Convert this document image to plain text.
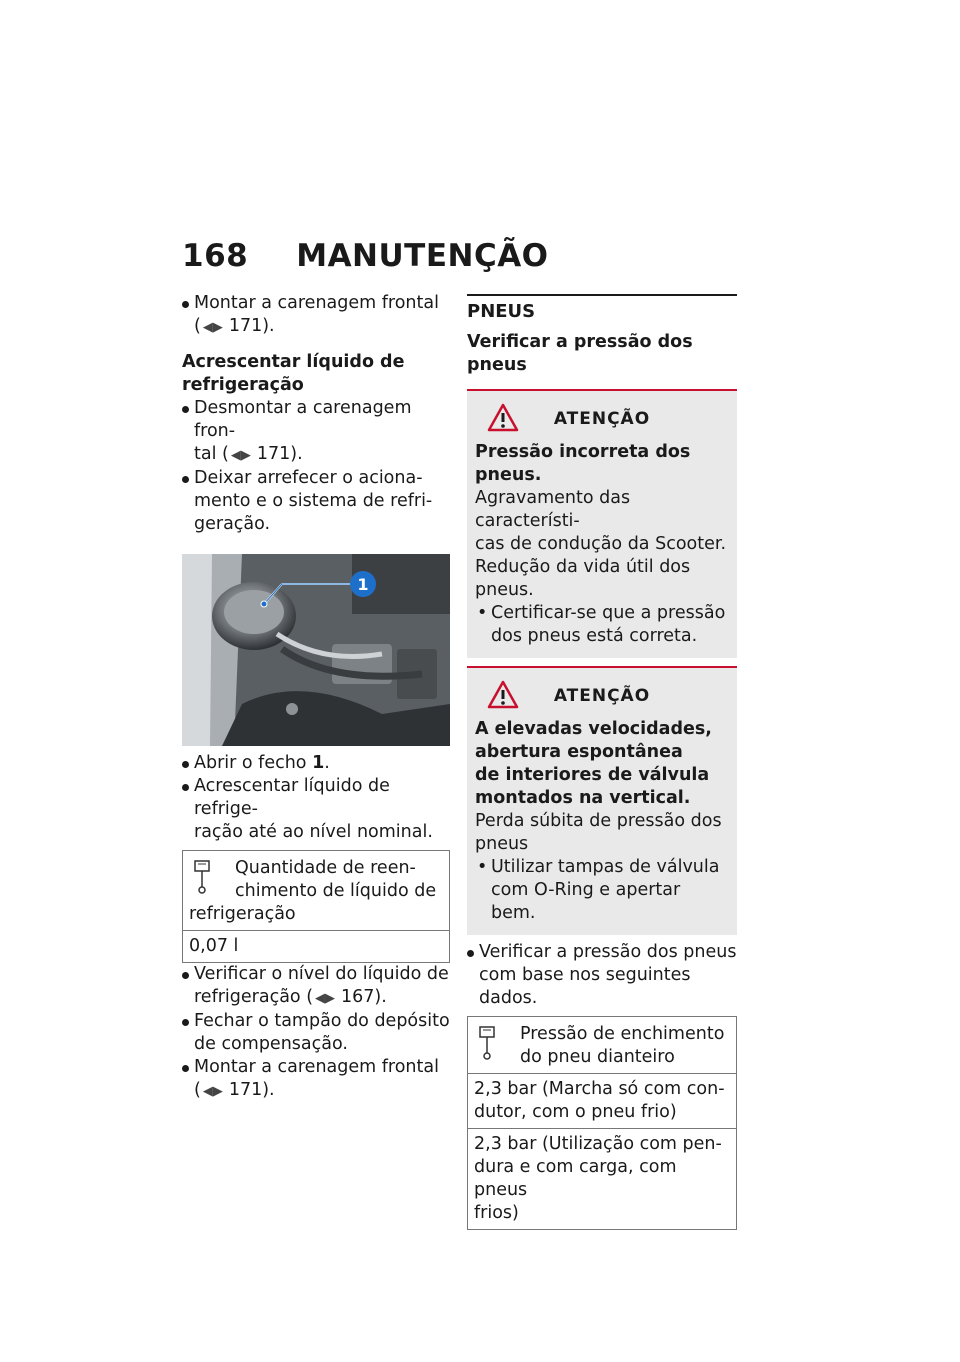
168 MANUTENÇÃO
Montar a carenagem frontal
( ◀▶ 171).
Acrescentar líquido de refrigeração
Desmontar a carenagem fron-
tal ( ◀▶ 171).
Deixar arrefecer o aciona-
mento e o sistema de refri-
geração.
1
Abrir o fecho 1.
Acrescentar líquido de refrige-
ração até ao nível nominal.
Quantidade de reen-
chimento de líquido de
refrigeração
0,07 l
Verificar o nível do líquido de
refrigeração ( ◀▶ 167).
Fechar o tampão do depósito
de compensação.
Montar a carenagem frontal
( ◀▶ 171).
PNEUS
Verificar a pressão dos pneus
ATENÇÃO
Pressão incorreta dos pneus.
Agravamento das característi-
cas de condução da Scooter.
Redução da vida útil dos
pneus.
• Certificar-se que a pressão
dos pneus está correta.
ATENÇÃO
A elevadas velocidades,
abertura espontânea
de interiores de válvula
montados na vertical.
Perda súbita de pressão dos
pneus
• Utilizar tampas de válvula
com O-Ring e apertar bem.
Verificar a pressão dos pneus
com base nos seguintes
dados.
Pressão de enchimento
do pneu dianteiro
2,3 bar (Marcha só com con-
dutor, com o pneu frio)
2,3 bar (Utilização com pen-
dura e com carga, com pneus
frios)
